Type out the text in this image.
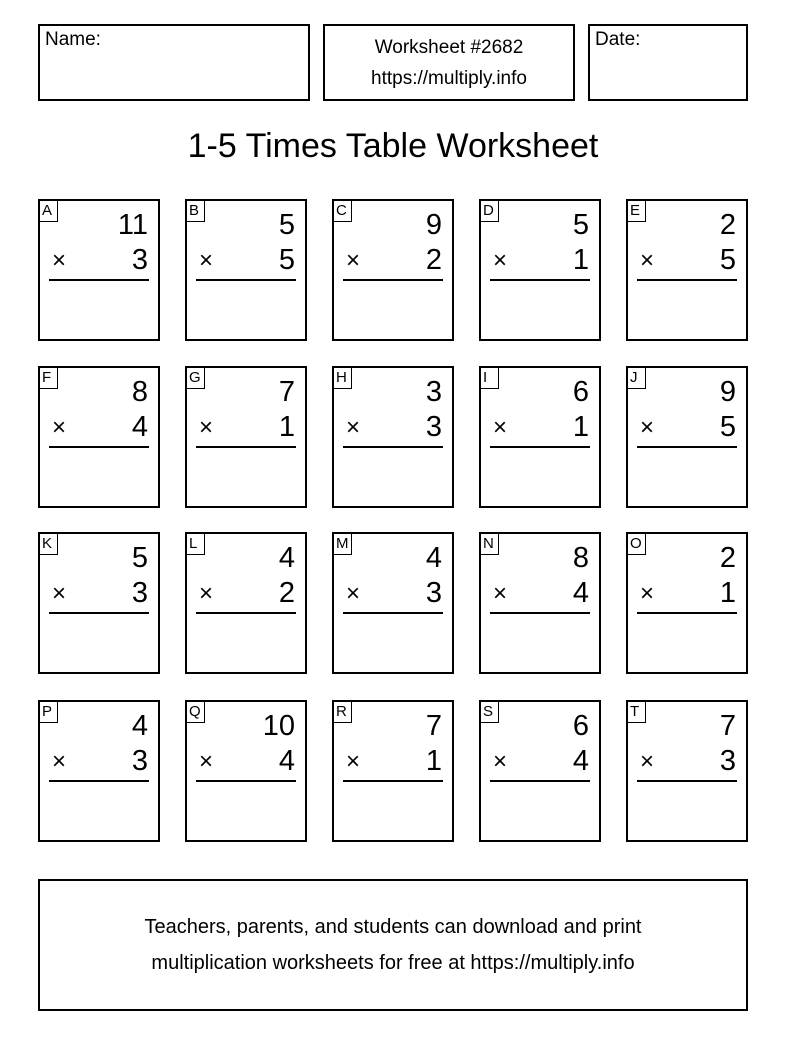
Name:	Worksheet #2682
https://multiply.info
Date:
1-5 Times Table Worksheet
A 11
× 3
B	5
× 5
C	9
× 2
D	5
× 1
E	2
× 5
F	8
× 4
G	7
× 1
H	3
× 3
I	6
× 1
J	9
× 5
K	5
× 3
L	4
× 2
M	4
× 3
N	8
× 4
O	2
× 1
P	4
× 3
Q 10
× 4
R	7
× 1
S	6
× 4
T	7
× 3
Teachers, parents, and students can download and print
multiplication worksheets for free at https://multiply.info
